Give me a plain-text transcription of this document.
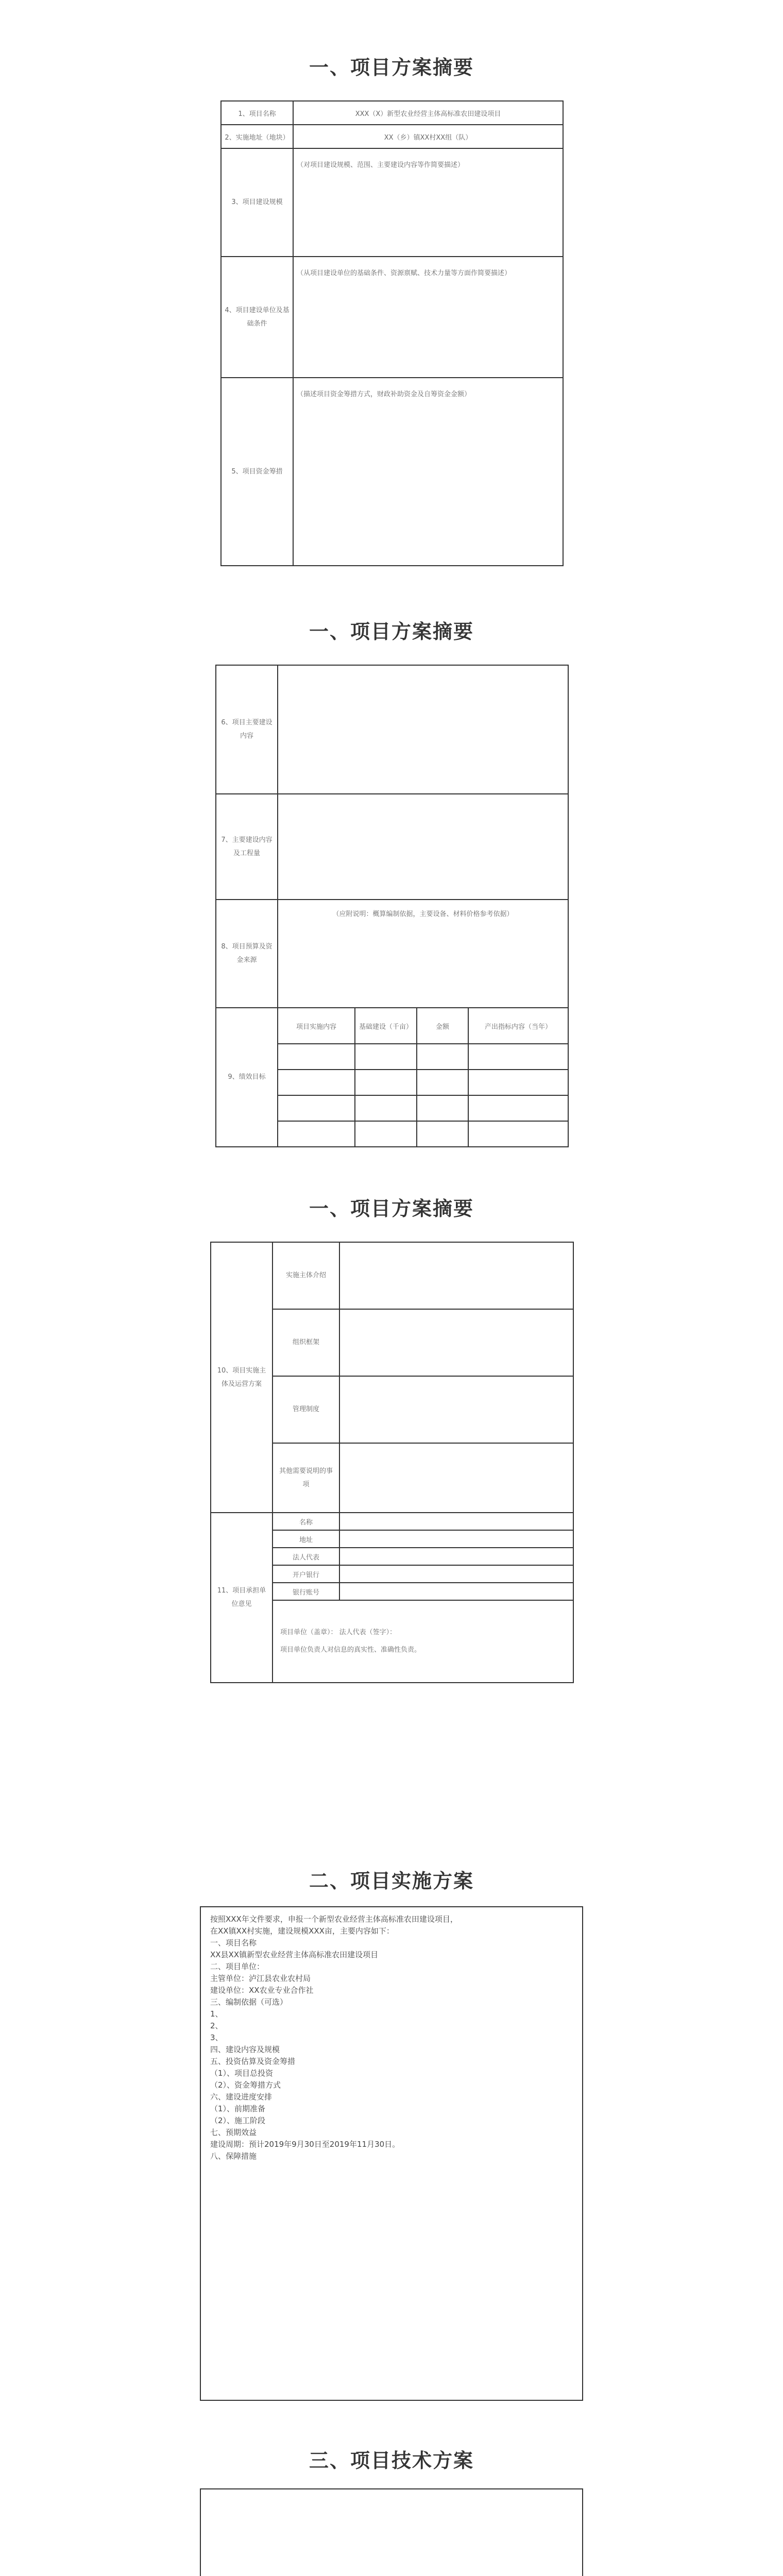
一、项目方案摘要
1、项目名称	XXX（X）新型农业经营主体高标准农田建设项目
2、实施地址（地块）	XX（乡）镇XX村XX组（队）
3、项目建设规模	（对项目建设规模、范围、主要建设内容等作简要描述）
4、项目建设单位及基础条件	（从项目建设单位的基础条件、资源禀赋、技术力量等方面作简要描述）
5、项目资金筹措	（描述项目资金筹措方式，财政补助资金及自筹资金金额）
一、项目方案摘要
6、项目主要建设内容				
7、主要建设内容及工程量				
8、项目预算及资金来源	（应附说明：概算编制依据，主要设备、材料价格参考依据）			
9、绩效目标	项目实施内容	基础建设（千亩）	金额	产出指标内容（当年）

一、项目方案摘要
10、项目实施主体及运营方案	实施主体介绍	
	组织框架	
	管理制度	
	其他需要说明的事项	
11、项目承担单位意见	名称	
	地址	
	法人代表	
	开户银行	
	银行账号	

	项目单位（盖章）： 法人代表（签字）：
项目单位负责人对信息的真实性、准确性负责。	
二、项目实施方案
按照XXX年文件要求，申报一个新型农业经营主体高标准农田建设项目，
在XX镇XX村实施，建设规模XXX亩，主要内容如下：
一、项目名称
XX县XX镇新型农业经营主体高标准农田建设项目
二、项目单位：
主管单位：泸江县农业农村局
建设单位：XX农业专业合作社
三、编制依据（可选）
1、
2、
3、
四、建设内容及规模
五、投资估算及资金筹措
（1）、项目总投资
（2）、资金筹措方式
六、建设进度安排
（1）、前期准备
（2）、施工阶段
七、预期效益
建设周期：预计2019年9月30日至2019年11月30日。
八、保障措施
三、项目技术方案
